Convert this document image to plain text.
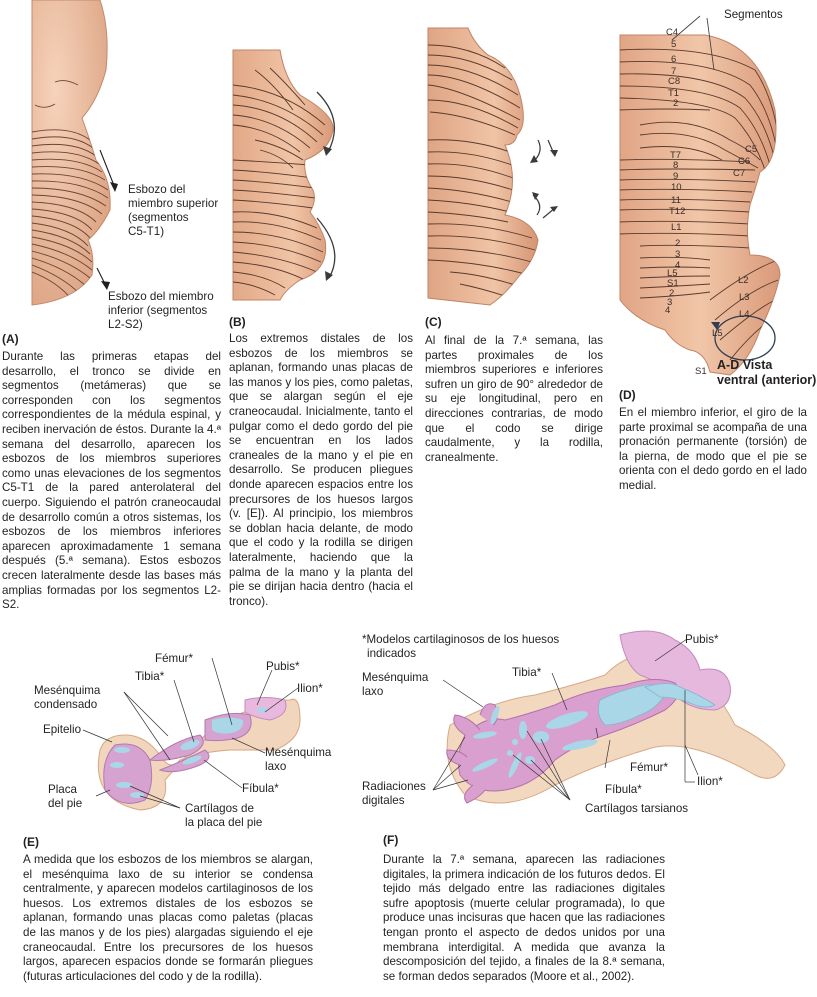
Esbozo del
miembro superior
(segmentos
C5-T1)
Esbozo del miembro
inferior (segmentos
L2-S2)
(A)
Durante las primeras etapas del desarrollo, el tronco se divide en segmentos (metámeras) que se corresponden con los segmentos correspondientes de la médula espinal, y reciben inervación de éstos. Durante la 4.ª semana del desarrollo, aparecen los esbozos de los miembros superiores como unas elevaciones de los segmentos C5-T1 de la pared anterolateral del cuerpo. Siguiendo el patrón craneocaudal de desarrollo común a otros sistemas, los esbozos de los miembros inferiores aparecen aproximadamente 1 semana después (5.ª semana). Estos esbozos crecen lateralmente desde las bases más amplias formadas por los segmentos L2-S2.
(B)
Los extremos distales de los esbozos de los miembros se aplanan, formando unas placas de las manos y los pies, como paletas, que se alargan según el eje craneocaudal. Inicialmente, tanto el pulgar como el dedo gordo del pie se encuentran en los lados craneales de la mano y el pie en desarrollo. Se producen pliegues donde aparecen espacios entre los precursores de los huesos largos (v. [E]). Al principio, los miembros se doblan hacia delante, de modo que el codo y la rodilla se dirigen lateralmente, haciendo que la palma de la mano y la planta del pie se dirijan hacia dentro (hacia el tronco).
(C)
Al final de la 7.ª semana, las partes proximales de los miembros superiores e inferiores sufren un giro de 90° alrededor de su eje longitudinal, pero en direcciones contrarias, de modo que el codo se dirige caudalmente, y la rodilla, cranealmente.
Segmentos
C4
5
6
7
C8
T1
2
T7
8
9
10
11
T12
L1
2
3
4
L5
S1
2
3
4
C5
C6
C7
L2
L3
L4
L5
S1 A-D Vista
ventral (anterior)
(D)
En el miembro inferior, el giro de la parte proximal se acompaña de una pronación permanente (torsión) de la pierna, de modo que el pie se orienta con el dedo gordo en el lado medial.
Fémur*
Pubis*
Tibia*
Ilion*
Mesénquima
condensado
Epitelio
Mesénquima
laxo
Fíbula*
Placa
del pie	Cartílagos de
la placa del pie
(E)
A medida que los esbozos de los miembros se alargan, el mesénquima laxo de su interior se condensa centralmente, y aparecen modelos cartilaginosos de los huesos. Los extremos distales de los esbozos se aplanan, formando unas placas como paletas (placas de las manos y de los pies) alargadas siguiendo el eje craneocaudal. Entre los precursores de los huesos largos, aparecen espacios donde se formarán pliegues (futuras articulaciones del codo y de la rodilla).
*Modelos cartilaginosos de los huesos
indicados
Pubis*
Tibia*
Mesénquima
laxo
Fémur*
Ilion*
Radiaciones
digitales
Fíbula*
Cartílagos tarsianos
(F)
Durante la 7.ª semana, aparecen las radiaciones digitales, la primera indicación de los futuros dedos. El tejido más delgado entre las radiaciones digitales sufre apoptosis (muerte celular programada), lo que produce unas incisuras que hacen que las radiaciones tengan pronto el aspecto de dedos unidos por una membrana interdigital. A medida que avanza la descomposición del tejido, a finales de la 8.ª semana, se forman dedos separados (Moore et al., 2002).
